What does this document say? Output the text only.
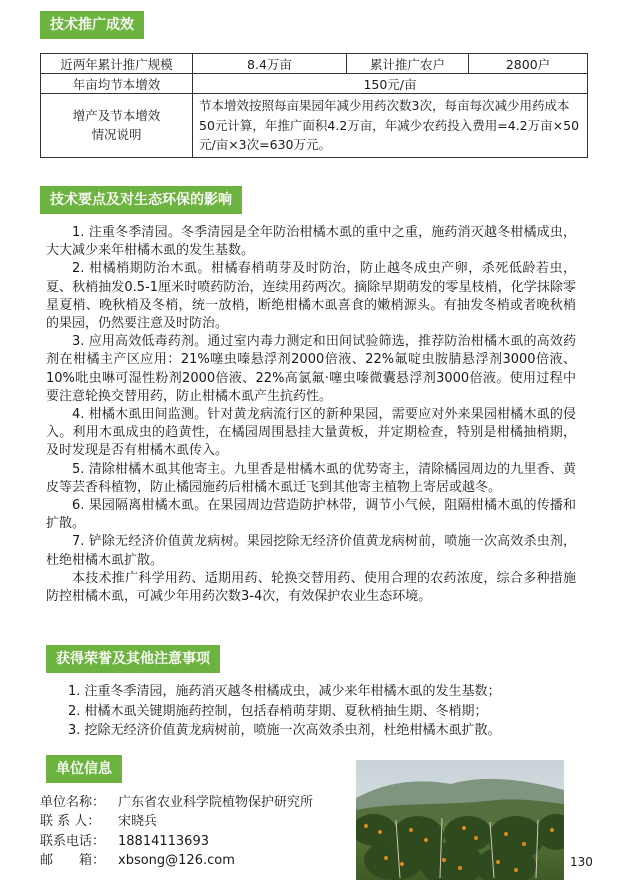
技术推广成效
近两年累计推广规模	8.4万亩	累计推广农户	2800户
年亩均节本增效	150元/亩		

增产及节本增效
情况说明	节本增效按照每亩果园年减少用药次数3次，每亩每次减少用药成本50元计算，年推广面积4.2万亩，年减少农药投入费用=4.2万亩×50元/亩×3次=630万元。		
技术要点及对生态环保的影响

1. 注重冬季清园。冬季清园是全年防治柑橘木虱的重中之重，施药消灭越冬柑橘成虫，大大减少来年柑橘木虱的发生基数。

2. 柑橘梢期防治木虱。柑橘春梢萌芽及时防治，防止越冬成虫产卵，杀死低龄若虫，夏、秋梢抽发0.5-1厘米时喷药防治，连续用药两次。摘除早期萌发的零星枝梢，化学抹除零星夏梢、晚秋梢及冬梢，统一放梢，断绝柑橘木虱喜食的嫩梢源头。有抽发冬梢或者晚秋梢的果园，仍然要注意及时防治。

3. 应用高效低毒药剂。通过室内毒力测定和田间试验筛选，推荐防治柑橘木虱的高效药剂在柑橘主产区应用：21%噻虫嗪悬浮剂2000倍液、22%氟啶虫胺腈悬浮剂3000倍液、10%吡虫啉可湿性粉剂2000倍液、22%高氯氟·噻虫嗪微囊悬浮剂3000倍液。使用过程中要注意轮换交替用药，防止柑橘木虱产生抗药性。

4. 柑橘木虱田间监测。针对黄龙病流行区的新种果园，需要应对外来果园柑橘木虱的侵入。利用木虱成虫的趋黄性，在橘园周围悬挂大量黄板，并定期检查，特别是柑橘抽梢期，及时发现是否有柑橘木虱传入。

5. 清除柑橘木虱其他寄主。九里香是柑橘木虱的优势寄主，清除橘园周边的九里香、黄皮等芸香科植物，防止橘园施药后柑橘木虱迁飞到其他寄主植物上寄居或越冬。

6. 果园隔离柑橘木虱。在果园周边营造防护林带，调节小气候，阻隔柑橘木虱的传播和扩散。

7. 铲除无经济价值黄龙病树。果园挖除无经济价值黄龙病树前，喷施一次高效杀虫剂，杜绝柑橘木虱扩散。

本技术推广科学用药、适期用药、轮换交替用药、使用合理的农药浓度，综合多种措施防控柑橘木虱，可减少年用药次数3-4次，有效保护农业生态环境。

获得荣誉及其他注意事项

1. 注重冬季清园，施药消灭越冬柑橘成虫，减少来年柑橘木虱的发生基数；

2. 柑橘木虱关键期施药控制，包括春梢萌芽期、夏秋梢抽生期、冬梢期；

3. 挖除无经济价值黄龙病树前，喷施一次高效杀虫剂，杜绝柑橘木虱扩散。

单位信息
单位名称： 广东省农业科学院植物保护研究所
联 系 人： 宋晓兵
联系电话： 18814113693
邮　　箱： xbsong@126.com	130
